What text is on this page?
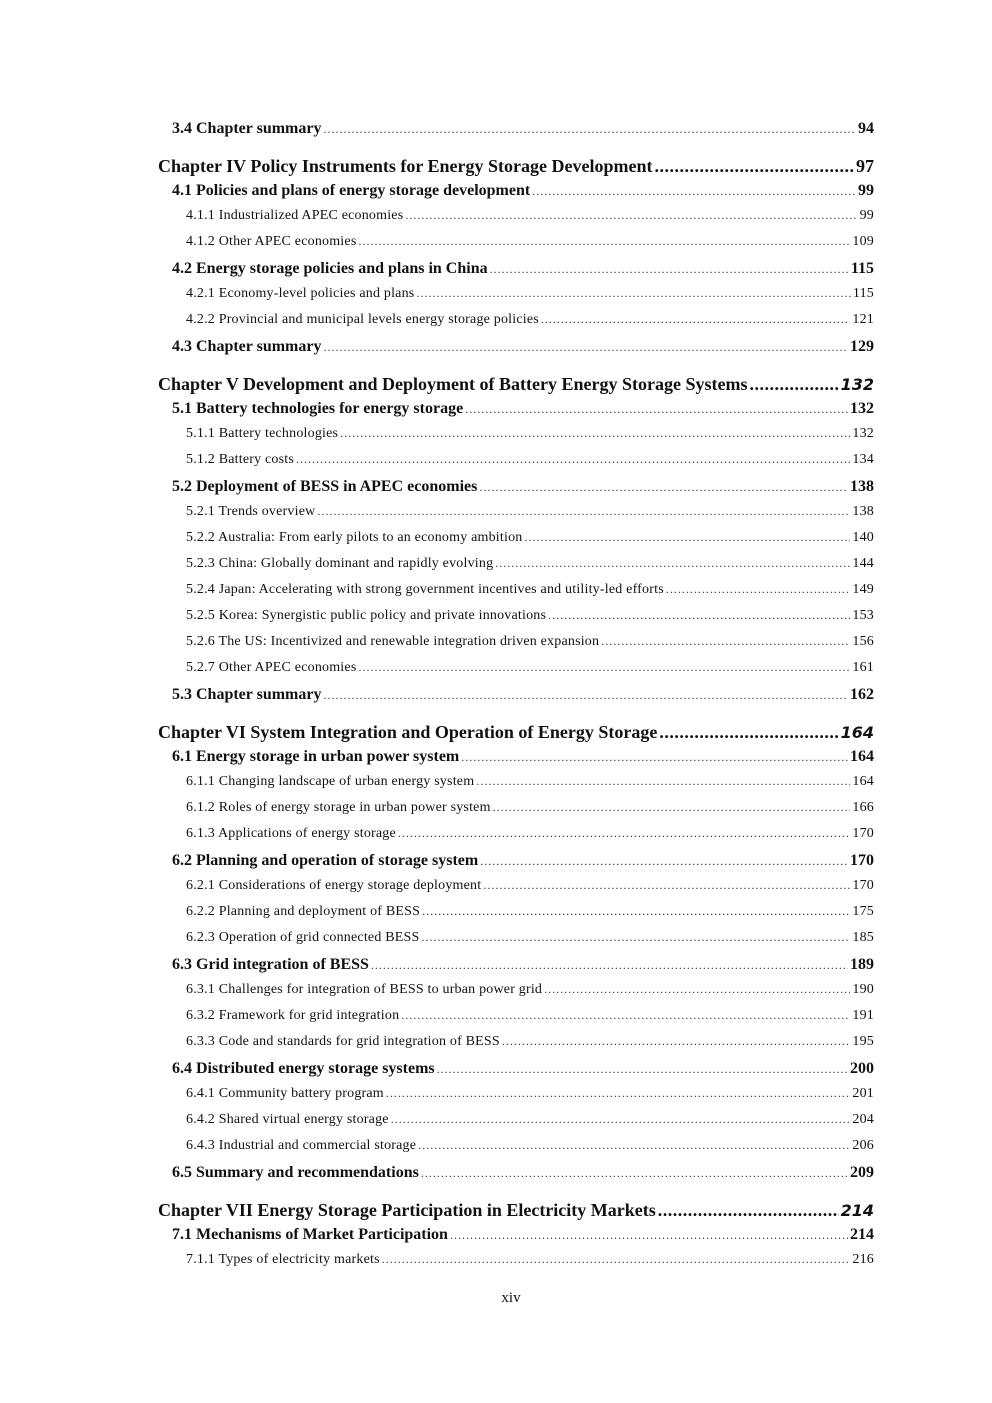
3.4 Chapter summary .....	94
Chapter IV Policy Instruments for Energy Storage Development .....	97
4.1 Policies and plans of energy storage development .....	99
4.1.1 Industrialized APEC economies .....	99
4.1.2 Other APEC economies .....	109
4.2 Energy storage policies and plans in China .....	115
4.2.1 Economy-level policies and plans .....	115
4.2.2 Provincial and municipal levels energy storage policies .....	121
4.3 Chapter summary .....	129
Chapter V Development and Deployment of Battery Energy Storage Systems .....	132
5.1 Battery technologies for energy storage .....	132
5.1.1 Battery technologies .....	132
5.1.2 Battery costs .....	134
5.2 Deployment of BESS in APEC economies .....	138
5.2.1 Trends overview .....	138
5.2.2 Australia: From early pilots to an economy ambition .....	140
5.2.3 China: Globally dominant and rapidly evolving .....	144
5.2.4 Japan: Accelerating with strong government incentives and utility-led efforts .....	149
5.2.5 Korea: Synergistic public policy and private innovations .....	153
5.2.6 The US: Incentivized and renewable integration driven expansion .....	156
5.2.7 Other APEC economies .....	161
5.3 Chapter summary .....	162
Chapter VI System Integration and Operation of Energy Storage .....	164
6.1 Energy storage in urban power system .....	164
6.1.1 Changing landscape of urban energy system .....	164
6.1.2 Roles of energy storage in urban power system .....	166
6.1.3 Applications of energy storage .....	170
6.2 Planning and operation of storage system .....	170
6.2.1 Considerations of energy storage deployment .....	170
6.2.2 Planning and deployment of BESS .....	175
6.2.3 Operation of grid connected BESS .....	185
6.3 Grid integration of BESS .....	189
6.3.1 Challenges for integration of BESS to urban power grid .....	190
6.3.2 Framework for grid integration .....	191
6.3.3 Code and standards for grid integration of BESS .....	195
6.4 Distributed energy storage systems .....	200
6.4.1 Community battery program .....	201
6.4.2 Shared virtual energy storage .....	204
6.4.3 Industrial and commercial storage .....	206
6.5 Summary and recommendations .....	209
Chapter VII Energy Storage Participation in Electricity Markets .....	214
7.1 Mechanisms of Market Participation .....	214
7.1.1 Types of electricity markets .....	216
xiv
